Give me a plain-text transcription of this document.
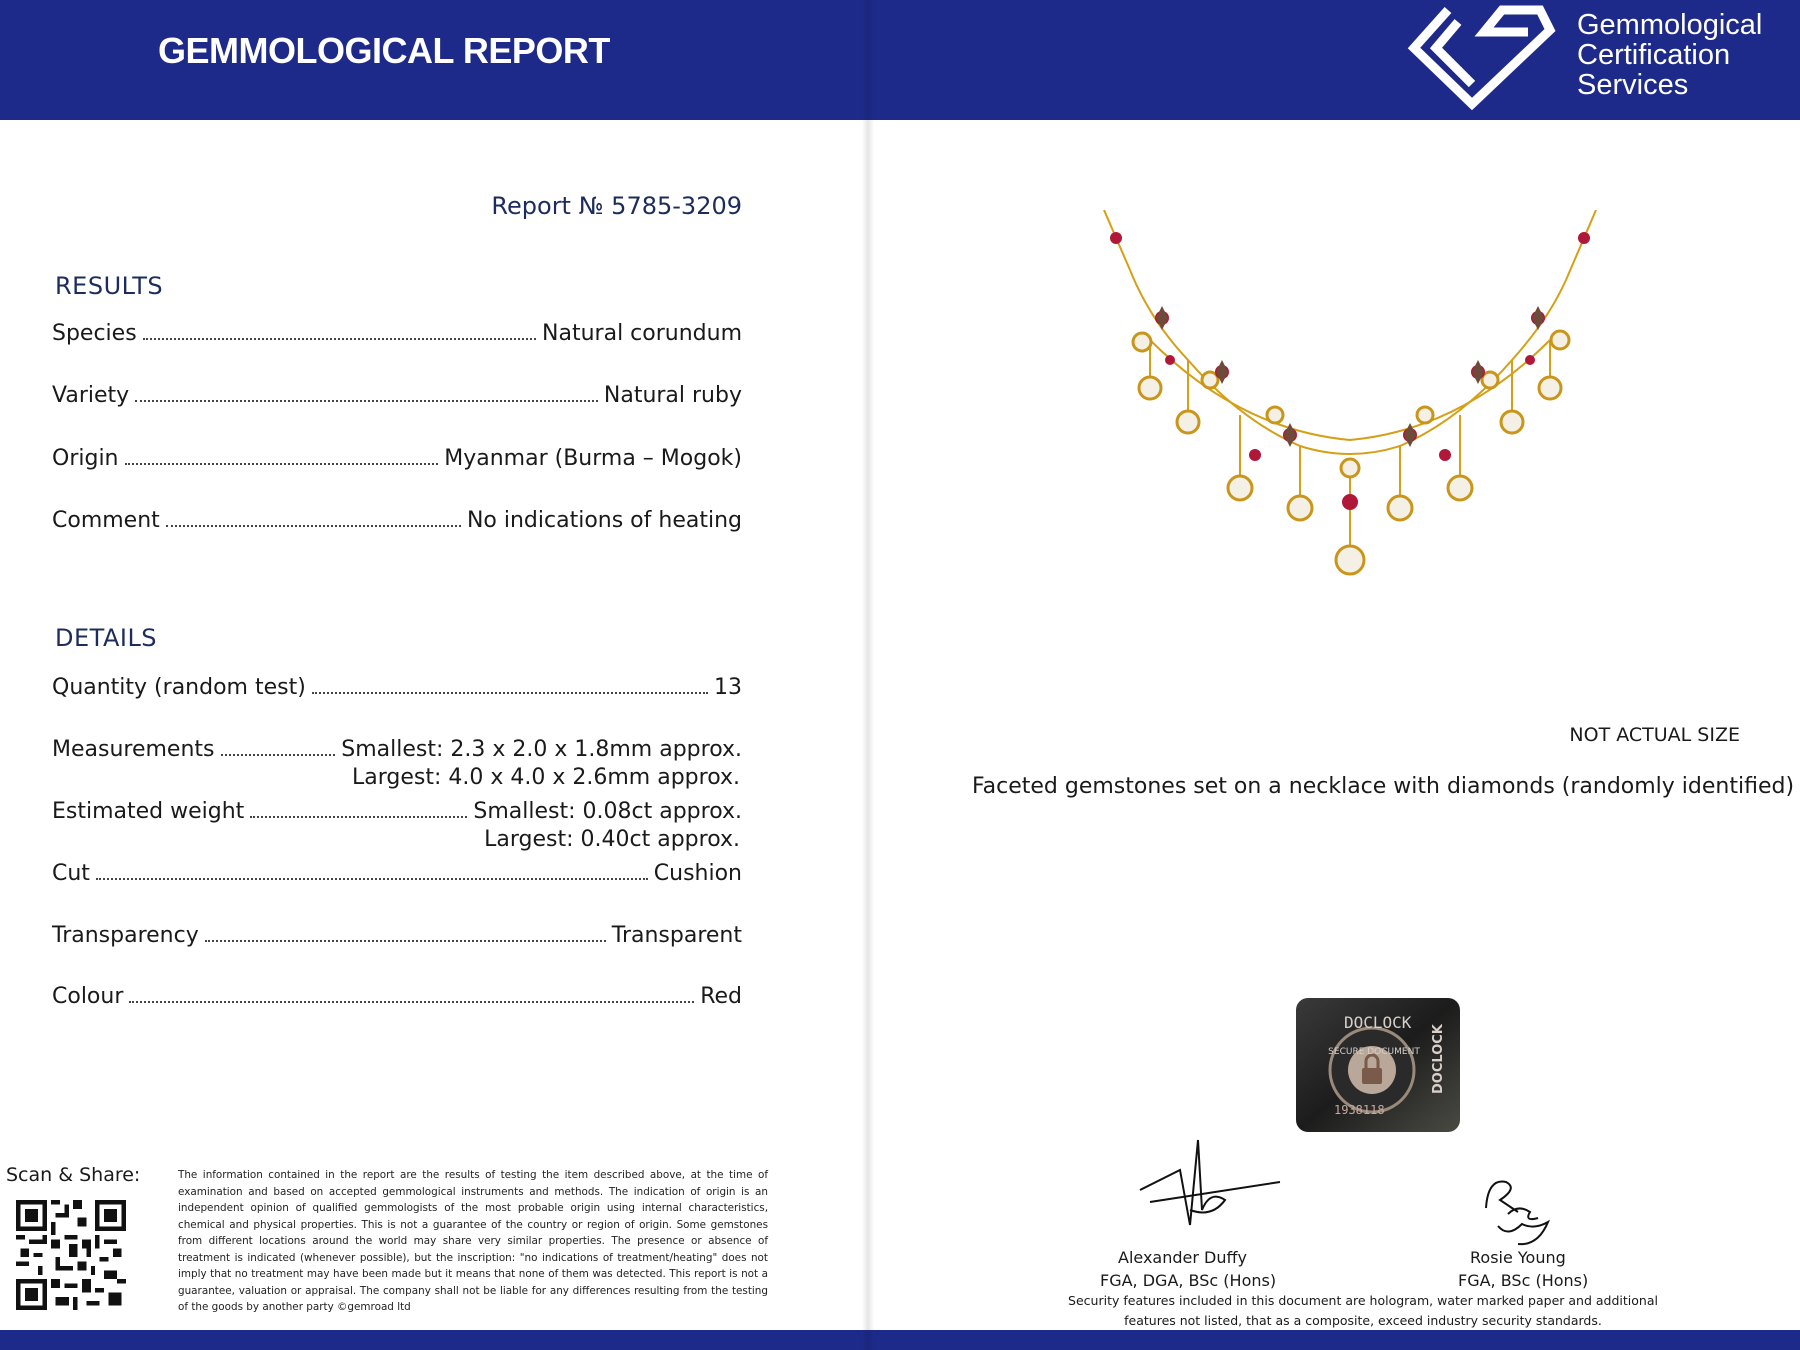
GEMMOLOGICAL REPORT
Report № 5785-3209
RESULTS
Species	Natural corundum
Variety	Natural ruby
Origin	Myanmar (Burma – Mogok)
Comment	No indications of heating
DETAILS
Quantity (random test)	13
Measurements	Smallest: 2.3 x 2.0 x 1.8mm approx.
Largest: 4.0 x 4.0 x 2.6mm approx.
Estimated weight	Smallest: 0.08ct approx.
Largest: 0.40ct approx.
Cut	Cushion
Transparency	Transparent
Colour	Red
Scan & Share:	The information contained in the report are the results of testing the item described above, at the time of examination and based on accepted gemmological instruments and methods. The indication of origin is an independent opinion of qualified gemmologists of the most probable origin using internal characteristics, chemical and physical properties. This is not a guarantee of the country or region of origin. Some gemstones from different locations around the world may share very similar properties. The presence or absence of treatment is indicated (whenever possible), but the inscription: "no indications of treatment/heating" does not imply that no treatment may have been made but it means that none of them was detected. This report is not a guarantee, valuation or appraisal. The company shall not be liable for any differences resulting from the testing of the goods by another party ©gemroad ltd
Gemmological
Certification
Services
NOT ACTUAL SIZE
Faceted gemstones set on a necklace with diamonds (randomly identified)
DOCLOCK
1938118
SECURE DOCUMENT DOCLOCK
Alexander Duffy
FGA, DGA, BSc (Hons)
Rosie Young
FGA, BSc (Hons)
Security features included in this document are hologram, water marked paper and additional features not listed, that as a composite, exceed industry security standards.
